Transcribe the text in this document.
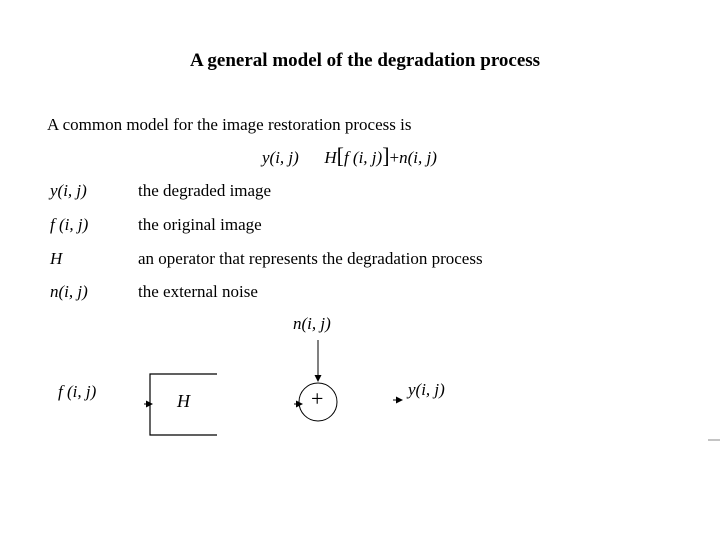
A general model of the degradation process
A common model for the image restoration process is
y(i, j) H[f (i, j)]+n(i, j)
y(i, j)	the degraded image
f (i, j)	the original image
H	an operator that represents the degradation process
n(i, j)	the external noise
f (i, j)	H
n(i, j)
+	y(i, j)
